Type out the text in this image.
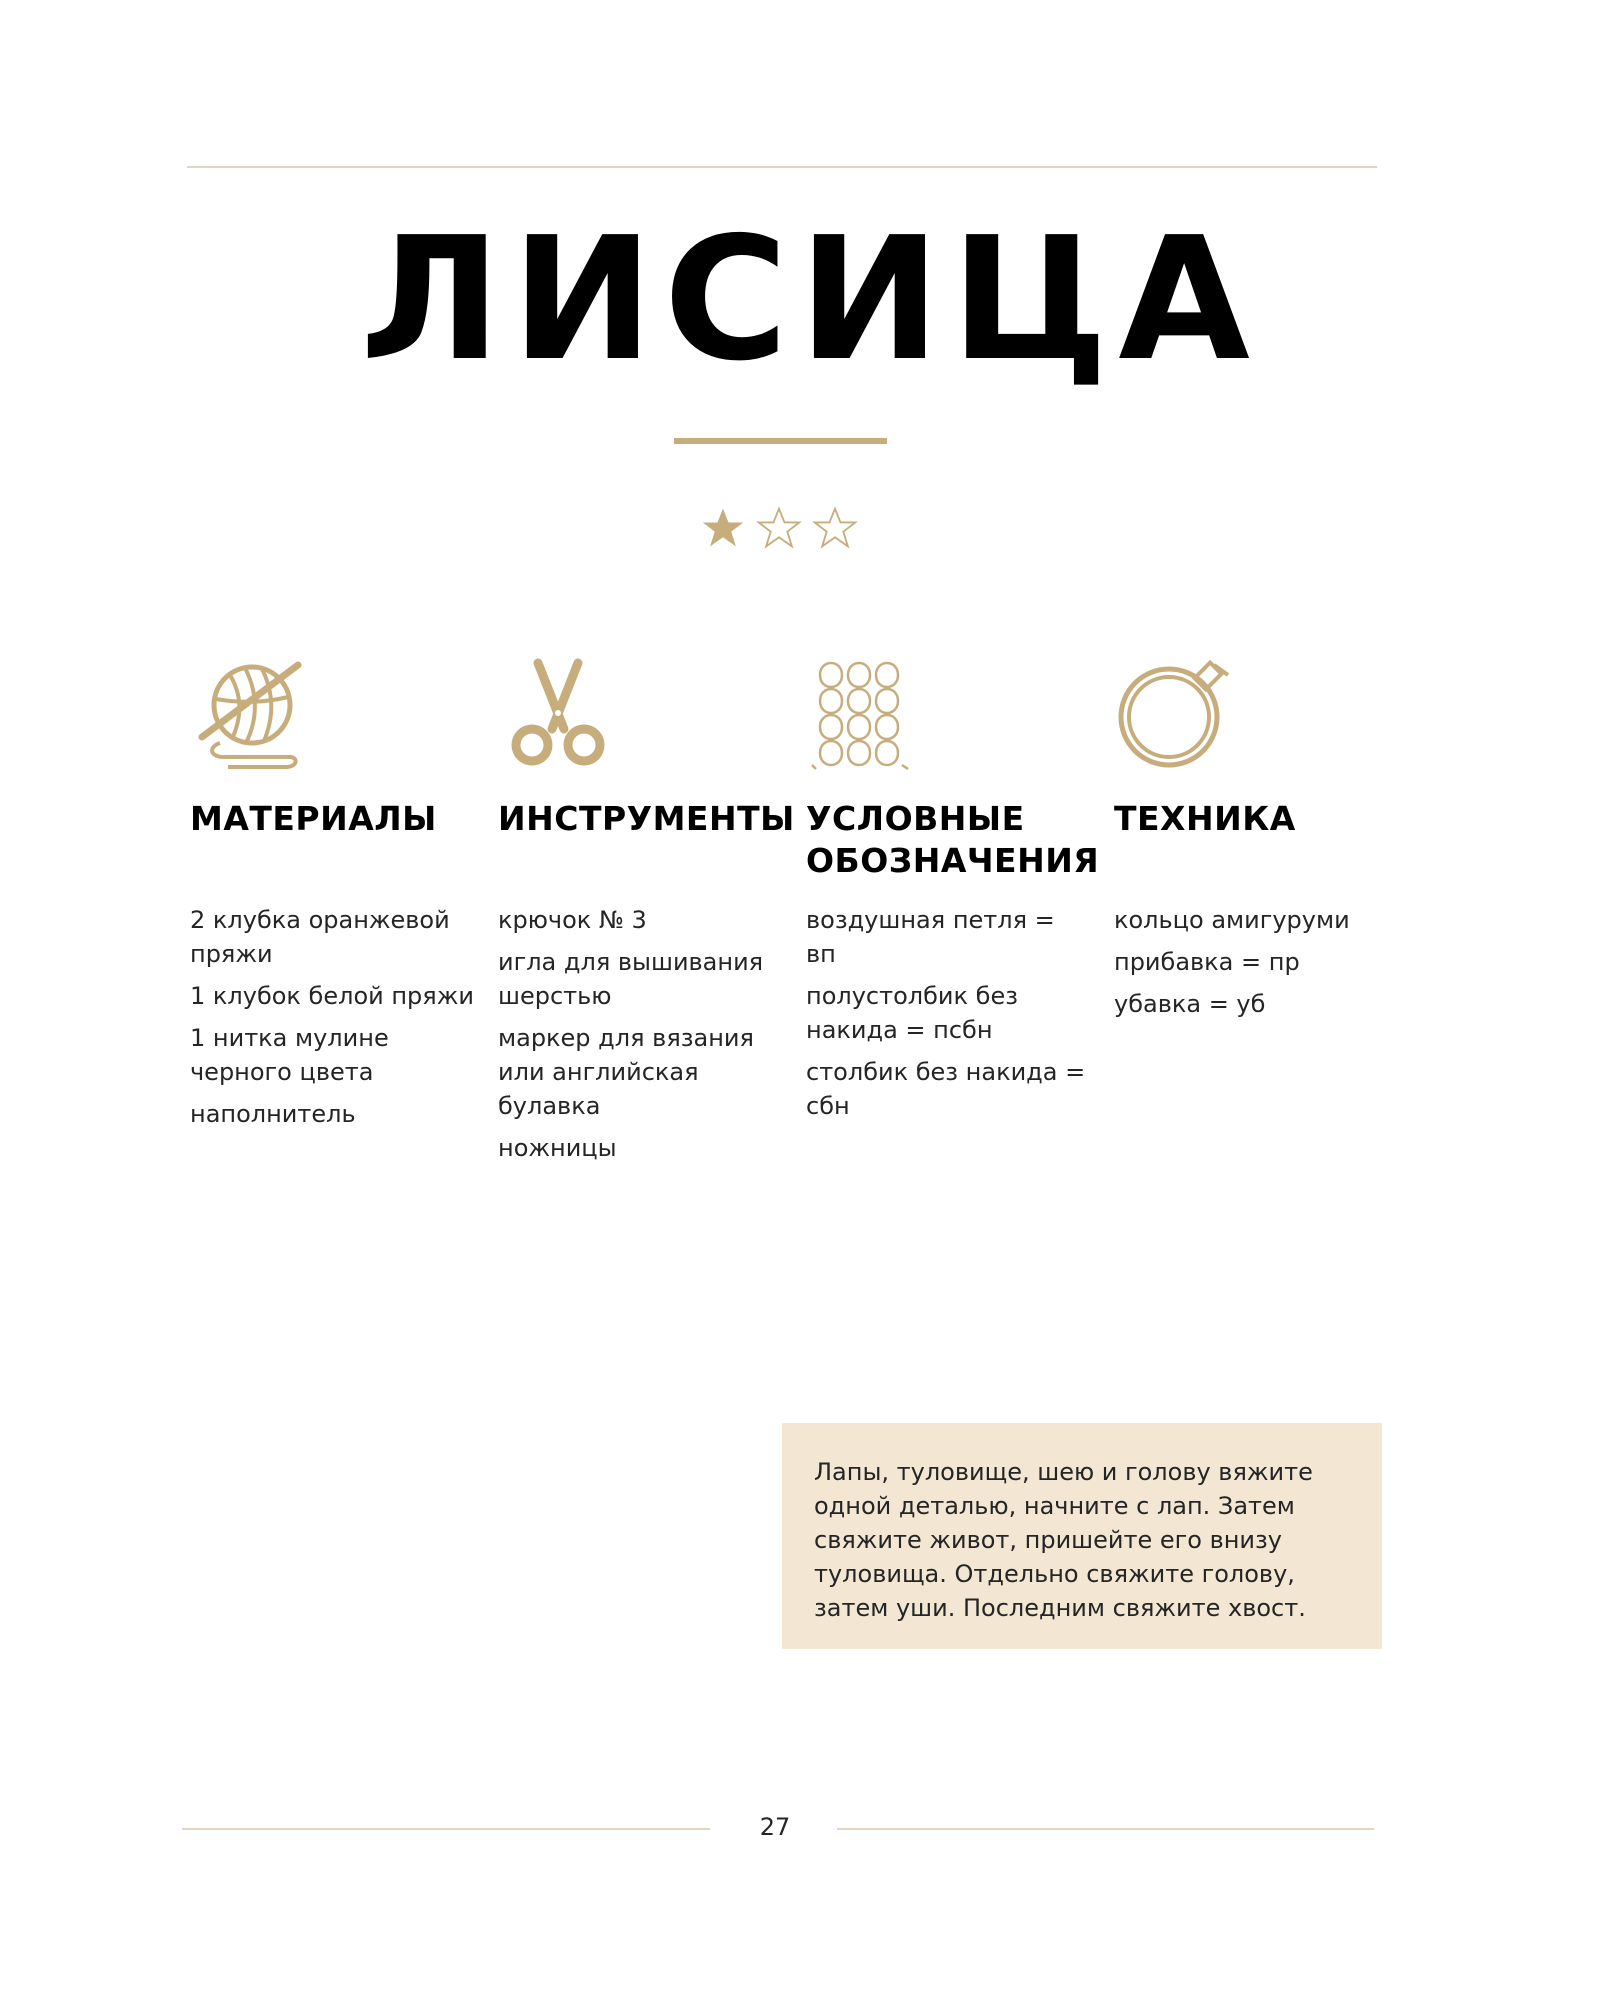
ЛИСИЦА
МАТЕРИАЛЫ
2 клубка оранжевой пряжи
1 клубок белой пряжи
1 нитка мулине черного цвета
наполнитель
ИНСТРУМЕНТЫ
крючок № 3
игла для вышивания шерстью
маркер для вязания или английская булавка
ножницы
УСЛОВНЫЕ ОБОЗНАЧЕНИЯ
воздушная петля = вп
полустолбик без накида = псбн
столбик без накида = сбн
ТЕХНИКА
кольцо амигуруми
прибавка = пр
убавка = уб

Лапы, туловище, шею и голову вяжите одной деталью, начните с лап. Затем свяжите живот, пришейте его внизу туловища. Отдельно свяжите голову, затем уши. Последним свяжите хвост.

27
